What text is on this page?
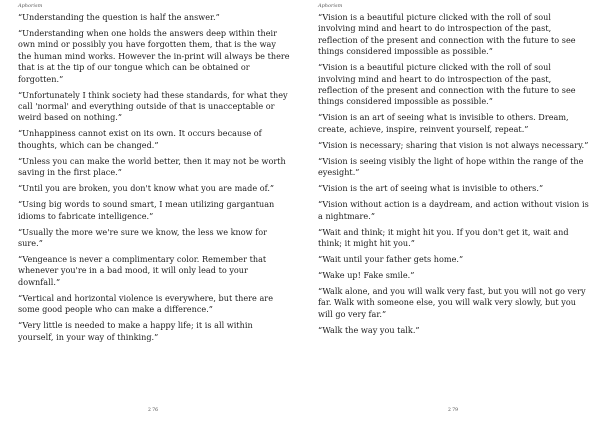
Aphorism
“Understanding the question is half the answer.”
“Understanding when one holds the answers deep within their own mind or possibly you have forgotten them, that is the way the human mind works. However the in-print will always be there that is at the tip of our tongue which can be obtained or forgotten.”
“Unfortunately I think society had these standards, for what they call 'normal' and everything outside of that is unacceptable or weird based on nothing.”
“Unhappiness cannot exist on its own. It occurs because of thoughts, which can be changed.”
“Unless you can make the world better, then it may not be worth saving in the first place.”
“Until you are broken, you don't know what you are made of.”
“Using big words to sound smart, I mean utilizing gargantuan idioms to fabricate intelligence.”
“Usually the more we're sure we know, the less we know for sure.”
“Vengeance is never a complimentary color. Remember that whenever you're in a bad mood, it will only lead to your downfall.”
“Vertical and horizontal violence is everywhere, but there are some good people who can make a difference.”
“Very little is needed to make a happy life; it is all within yourself, in your way of thinking.”
2 76
Aphorism
“Vision is a beautiful picture clicked with the roll of soul involving mind and heart to do introspection of the past, reflection of the present and connection with the future to see things considered impossible as possible.”
“Vision is a beautiful picture clicked with the roll of soul involving mind and heart to do introspection of the past, reflection of the present and connection with the future to see things considered impossible as possible.”
“Vision is an art of seeing what is invisible to others. Dream, create, achieve, inspire, reinvent yourself, repeat.”
“Vision is necessary; sharing that vision is not always necessary.”
“Vision is seeing visibly the light of hope within the range of the eyesight.”
“Vision is the art of seeing what is invisible to others.”
“Vision without action is a daydream, and action without vision is a nightmare.”
“Wait and think; it might hit you. If you don't get it, wait and think; it might hit you.”
“Wait until your father gets home.”
“Wake up! Fake smile.”
“Walk alone, and you will walk very fast, but you will not go very far. Walk with someone else, you will walk very slowly, but you will go very far.”
“Walk the way you talk.”
2 79
